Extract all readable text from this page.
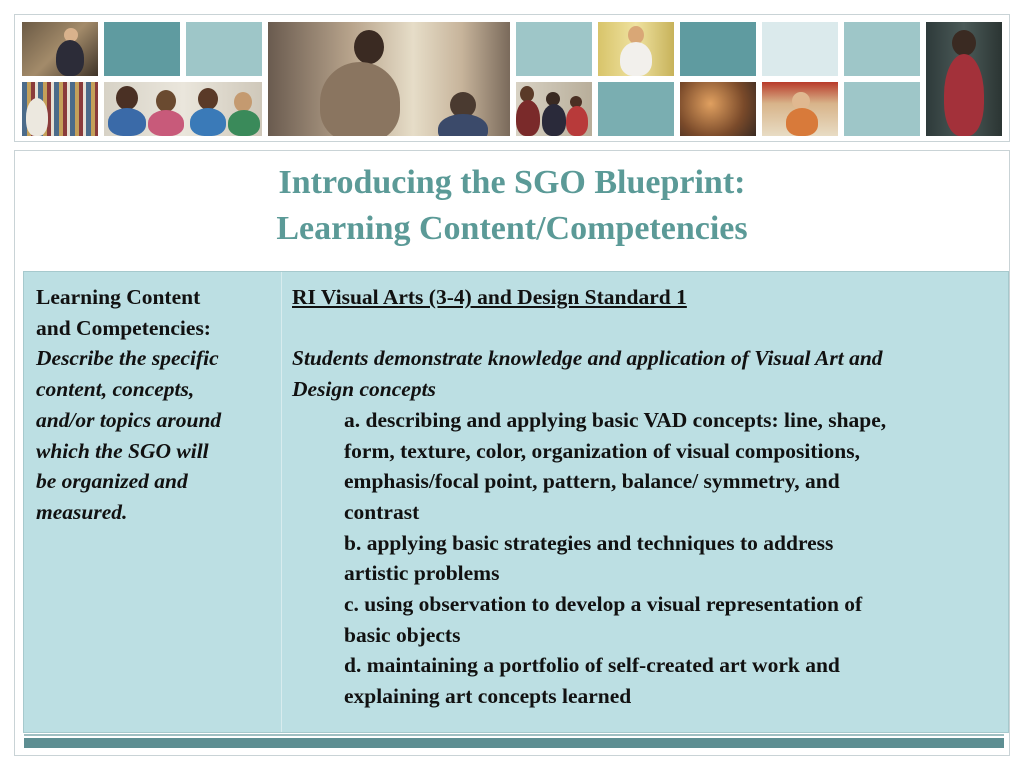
Introducing the SGO Blueprint:
Learning Content/Competencies
Learning Content
and Competencies:
Describe the specific
content, concepts,
and/or topics around
which the SGO will
be organized and
measured.
RI Visual Arts (3-4) and Design Standard 1

Students demonstrate knowledge and application of Visual Art and
Design concepts
a. describing and applying basic VAD concepts: line, shape,
form, texture, color, organization of visual compositions,
emphasis/focal point, pattern, balance/ symmetry, and
contrast
b. applying basic strategies and techniques to address
artistic problems
c. using observation to develop a visual representation of
basic objects
d. maintaining a portfolio of self-created art work and
explaining art concepts learned
